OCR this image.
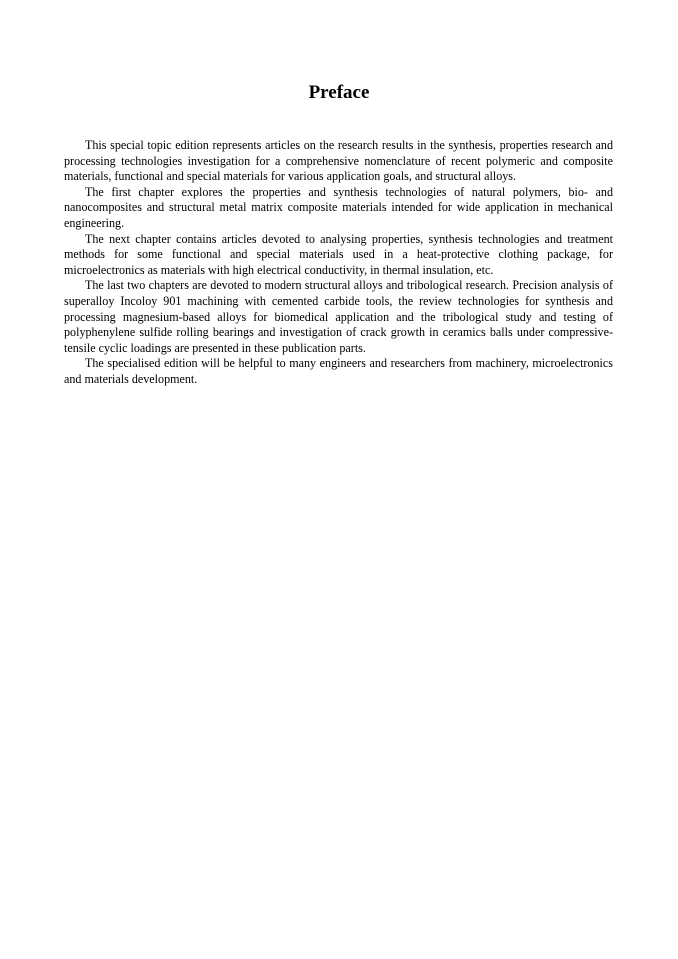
Preface

This special topic edition represents articles on the research results in the synthesis, properties research and processing technologies investigation for a comprehensive nomenclature of recent polymeric and composite materials, functional and special materials for various application goals, and structural alloys.

The first chapter explores the properties and synthesis technologies of natural polymers, bio- and nanocomposites and structural metal matrix composite materials intended for wide application in mechanical engineering.

The next chapter contains articles devoted to analysing properties, synthesis technologies and treatment methods for some functional and special materials used in a heat-protective clothing package, for microelectronics as materials with high electrical conductivity, in thermal insulation, etc.

The last two chapters are devoted to modern structural alloys and tribological research. Precision analysis of superalloy Incoloy 901 machining with cemented carbide tools, the review technologies for synthesis and processing magnesium-based alloys for biomedical application and the tribological study and testing of polyphenylene sulfide rolling bearings and investigation of crack growth in ceramics balls under compressive-tensile cyclic loadings are presented in these publication parts.

The specialised edition will be helpful to many engineers and researchers from machinery, microelectronics and materials development.
